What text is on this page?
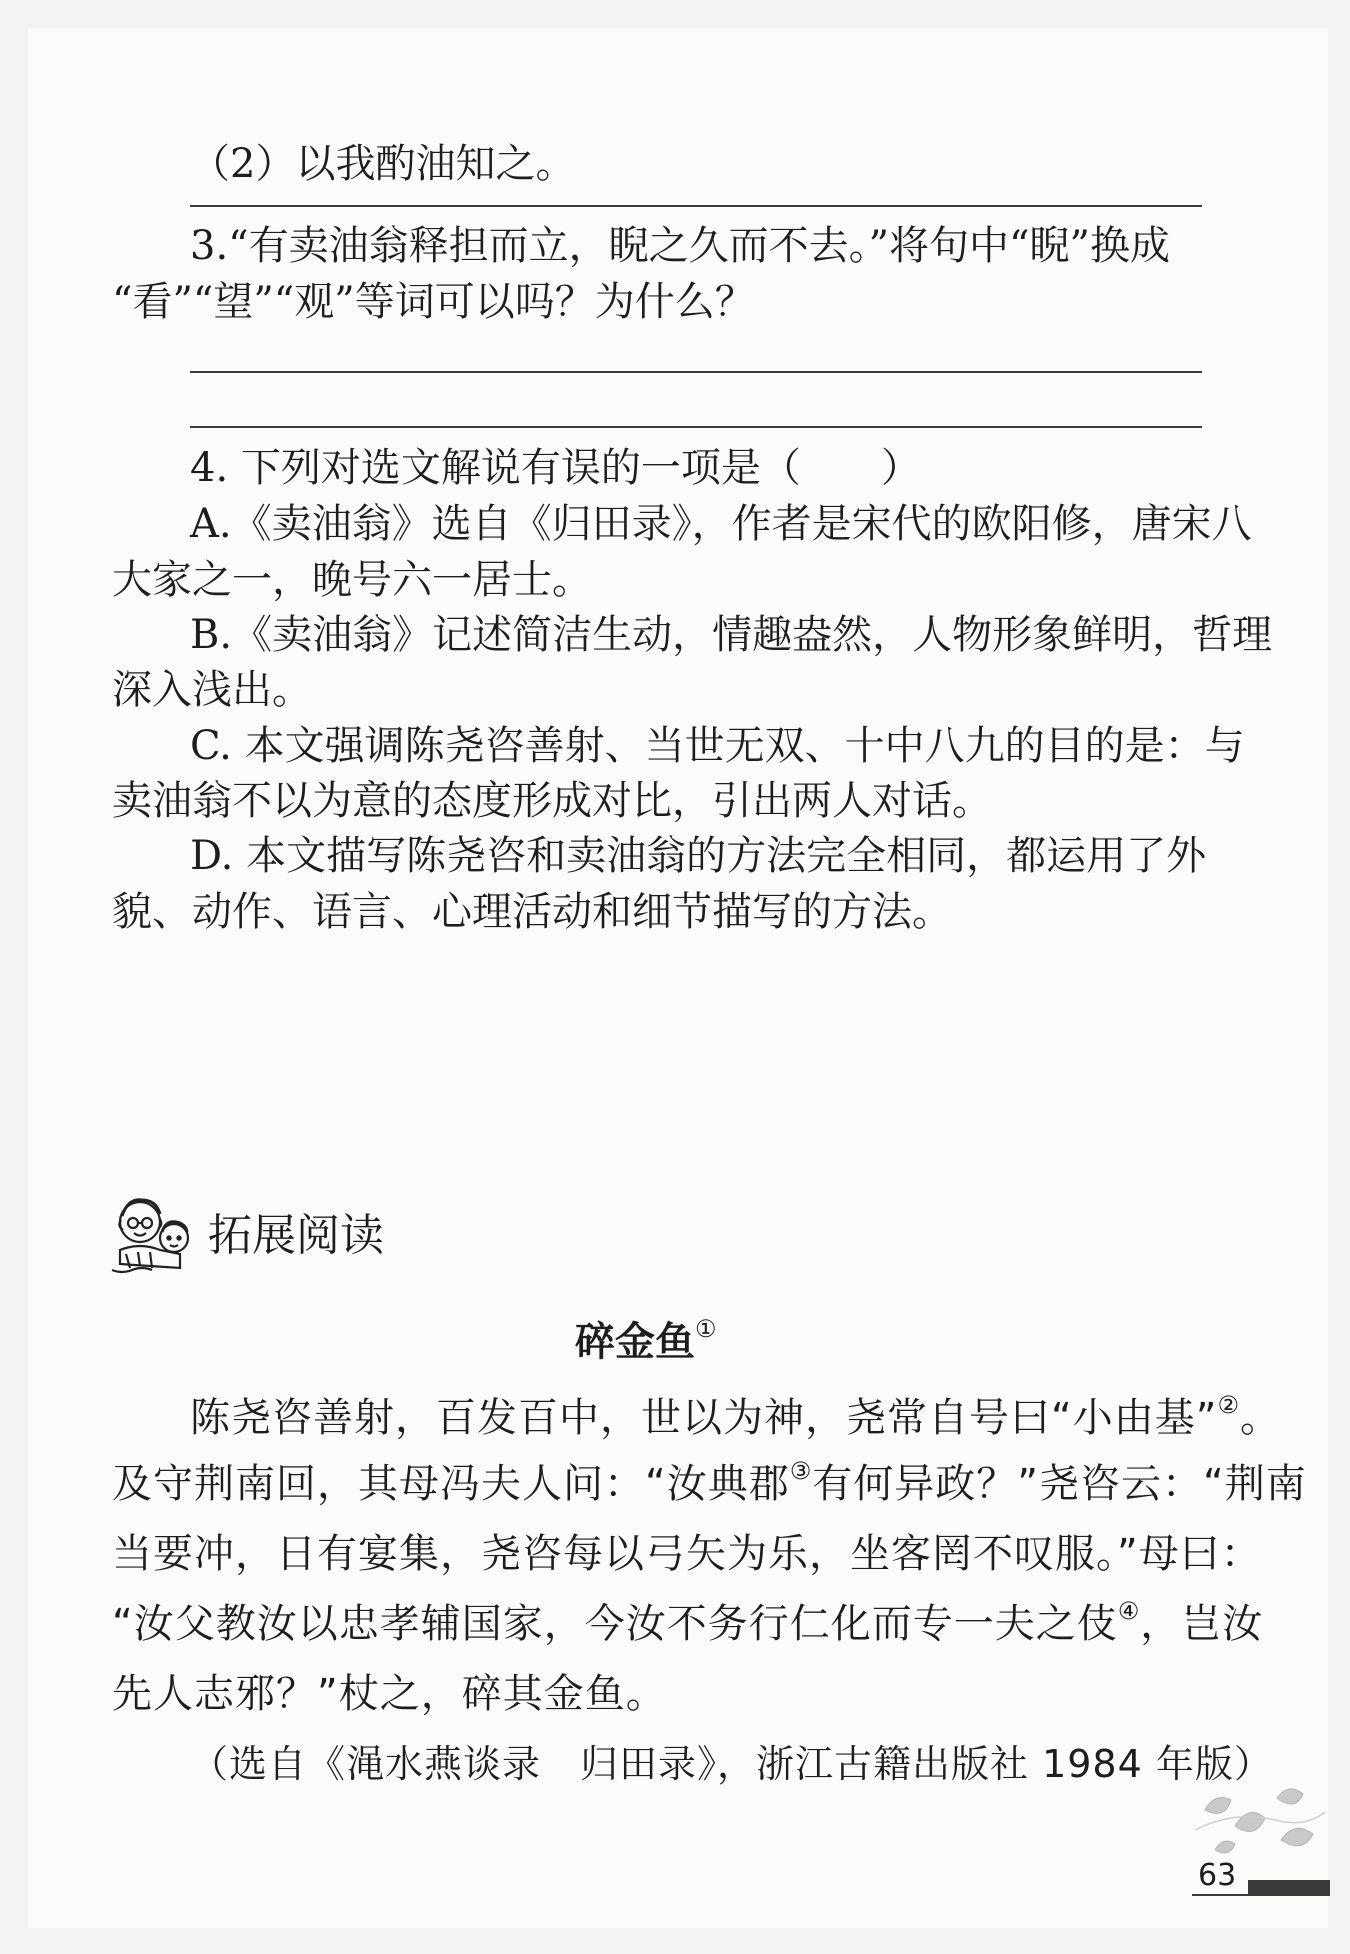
（2）以我酌油知之。
3.“有卖油翁释担而立，睨之久而不去。”将句中“睨”换成
“看”“望”“观”等词可以吗？为什么？
4. 下列对选文解说有误的一项是（　　）
A.《卖油翁》选自《归田录》，作者是宋代的欧阳修，唐宋八
大家之一，晚号六一居士。
B.《卖油翁》记述简洁生动，情趣盎然，人物形象鲜明，哲理
深入浅出。
C. 本文强调陈尧咨善射、当世无双、十中八九的目的是：与
卖油翁不以为意的态度形成对比，引出两人对话。
D. 本文描写陈尧咨和卖油翁的方法完全相同，都运用了外
貌、动作、语言、心理活动和细节描写的方法。
拓展阅读
碎金鱼①
陈尧咨善射，百发百中，世以为神，尧常自号曰“小由基”②。
及守荆南回，其母冯夫人问：“汝典郡③有何异政？”尧咨云：“荆南
当要冲，日有宴集，尧咨每以弓矢为乐，坐客罔不叹服。”母曰：
“汝父教汝以忠孝辅国家，今汝不务行仁化而专一夫之伎④，岂汝
先人志邪？”杖之，碎其金鱼。
（选自《渑水燕谈录　归田录》，浙江古籍出版社 1984 年版）
63
